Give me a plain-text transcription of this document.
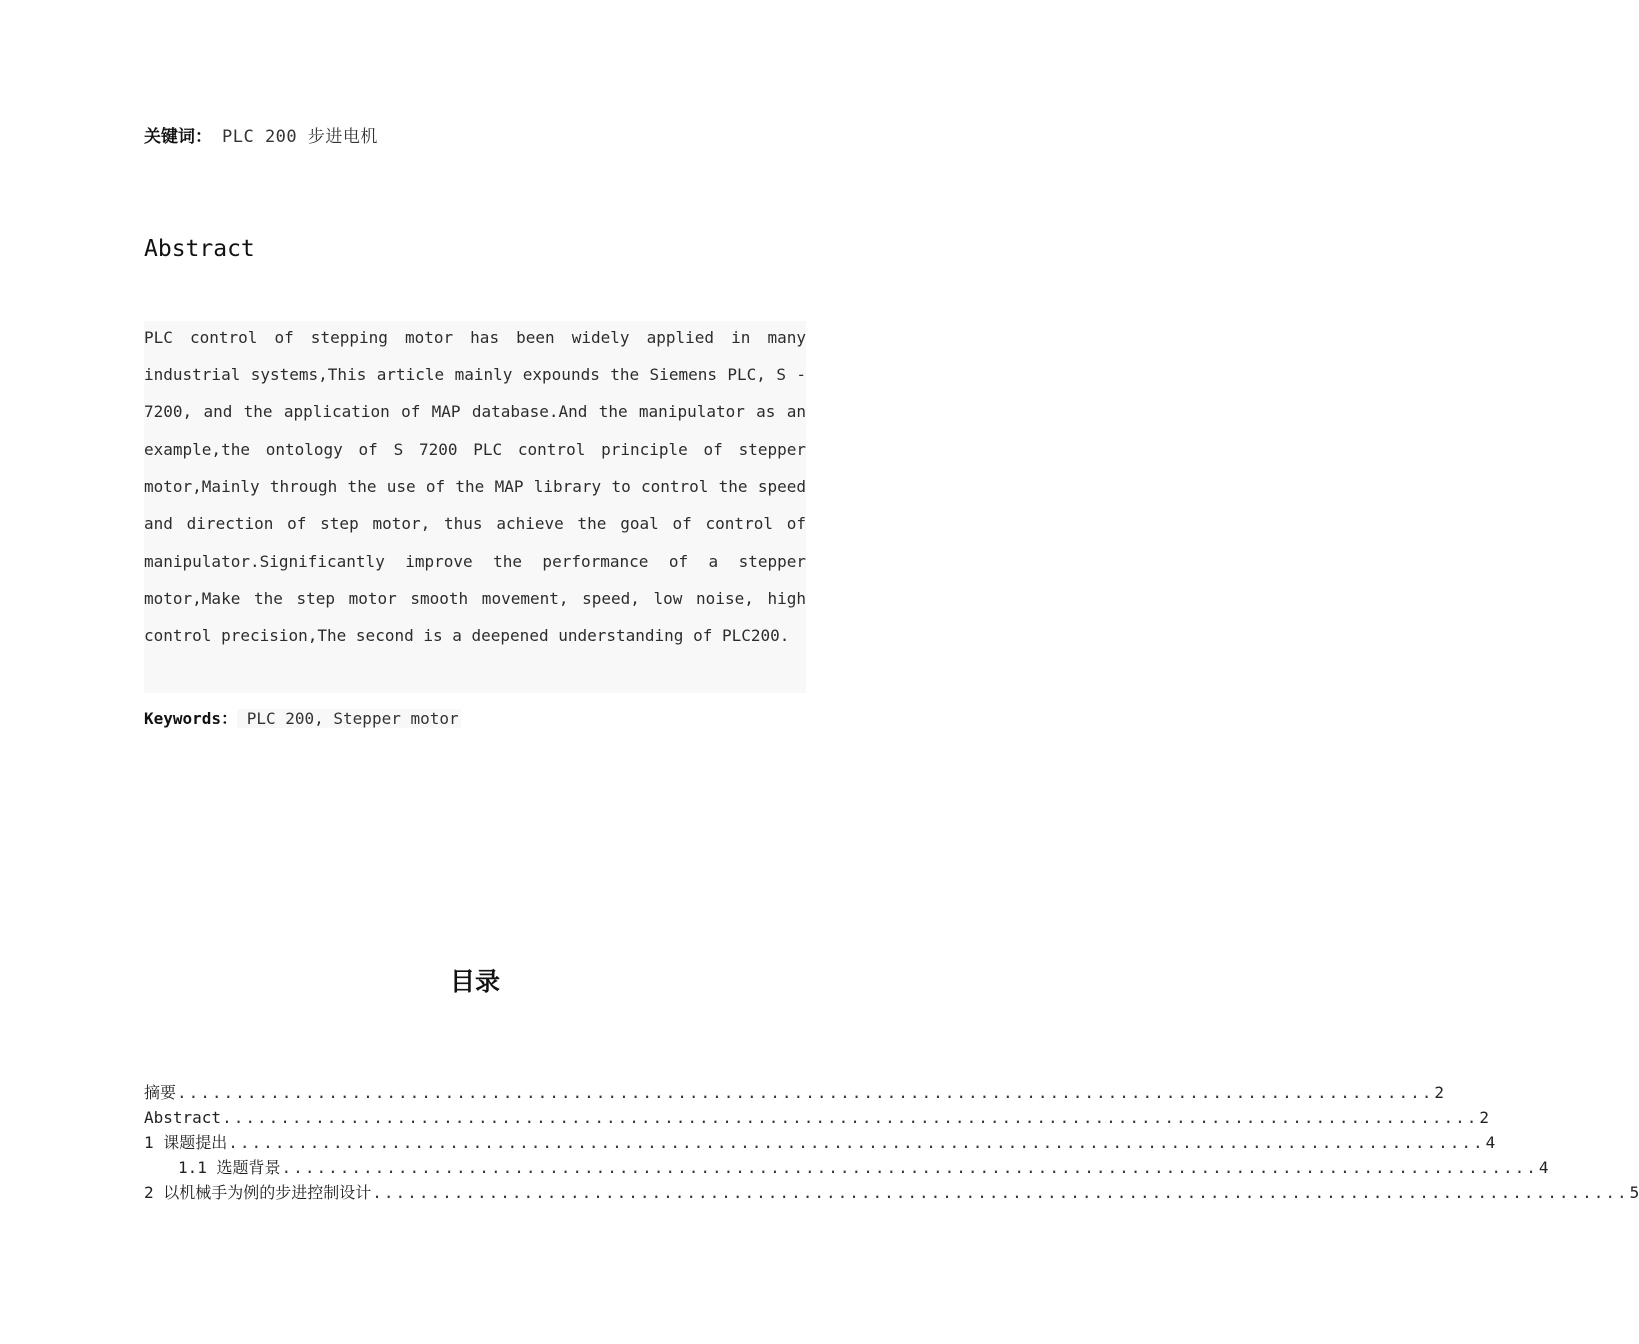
关键词： PLC 200 步进电机
Abstract
PLC control of stepping motor has been widely applied in many
industrial systems,This article mainly expounds the Siemens PLC, S -
7200, and the application of MAP database.And the manipulator as an
example,the ontology of S 7200 PLC control principle of stepper
motor,Mainly through the use of the MAP library to control the speed
and direction of step motor, thus achieve the goal of control of
manipulator.Significantly improve the performance of a stepper
motor,Make the step motor smooth movement, speed, low noise, high
control precision,The second is a deepened understanding of PLC200.
Keywords： PLC 200, Stepper motor
目录
摘要 ............................................................................................................ 2
Abstract ............................................................................................................ 2
1 课题提出 ............................................................................................................ 4
1.1 选题背景 ............................................................................................................ 4
2 以机械手为例的步进控制设计 ............................................................................................................ 5
